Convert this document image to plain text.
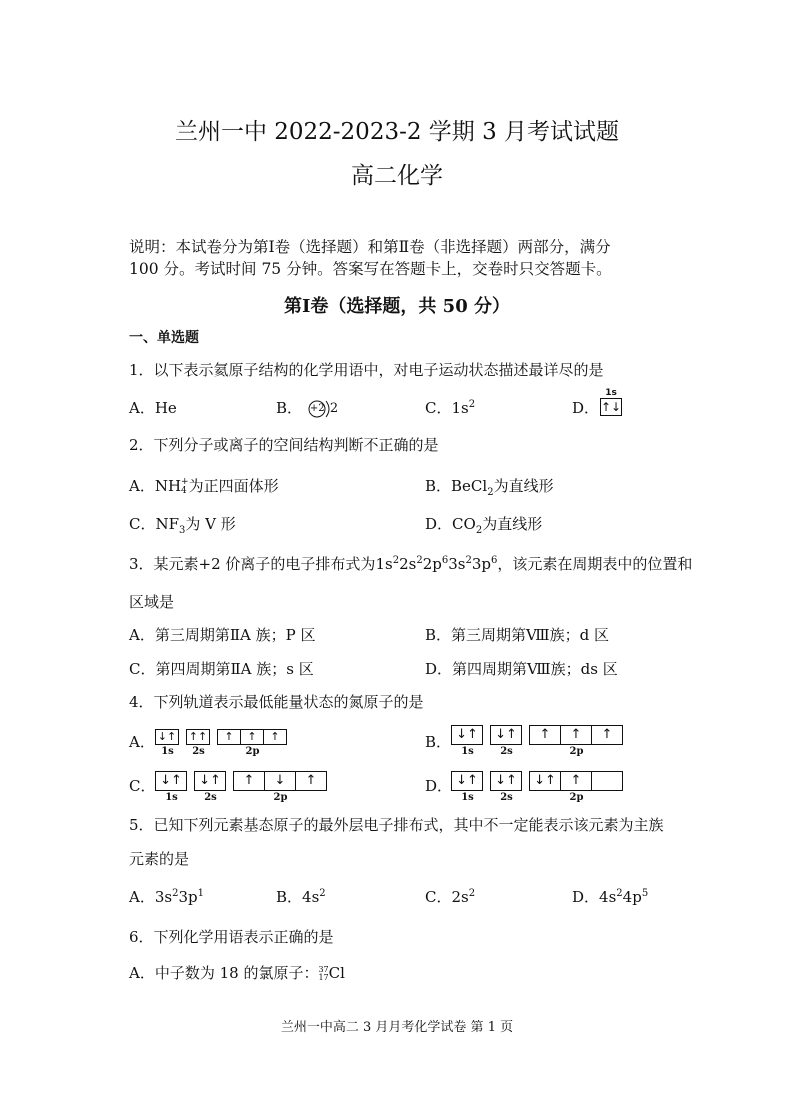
兰州一中 2022-2023-2 学期 3 月考试试题
高二化学
说明：本试卷分为第Ⅰ卷（选择题）和第Ⅱ卷（非选择题）两部分，满分
100 分。考试时间 75 分钟。答案写在答题卡上，交卷时只交答题卡。
第Ⅰ卷（选择题，共 50 分）
一、单选题
1．以下表示氦原子结构的化学用语中，对电子运动状态描述最详尽的是
A．He	B． +2 2	C．$1s^2$	D．
1s
↑↓
2．下列分子或离子的空间结构判断不正确的是
A．NH +
4 为正四面体形	B．BeCl$_2$为直线形
C．$NF_3$为 V 形	D．$CO_2$为直线形
3．某元素+2 价离子的电子排布式为$1s^22s^22p^63s^23p^6$，该元素在周期表中的位置和
区域是
A．第三周期第ⅡA 族；P 区	B．第三周期第Ⅷ族；d 区
C．第四周期第ⅡA 族；s 区	D．第四周期第Ⅷ族；ds 区
4．下列轨道表示最低能量状态的氮原子的是
A． ↓↑
1s
↑↑
2s
↑	↑	↑
2p
B． ↓↑
1s
↓↑
2s
↑	↑	↑
2p
C． ↓↑
1s
↓↑
2s
↑	↓	↑
2p
D． ↓↑
1s
↓↑
2s
↓↑	↑
2p
5．已知下列元素基态原子的最外层电子排布式，其中不一定能表示该元素为主族
元素的是
A．$3s^23p^1$	B．$4s^2$	C．$2s^2$	D．$4s^24p^5$
6．下列化学用语表示正确的是
A．中子数为 18 的氯原子： 37
17 Cl
兰州一中高二 3 月月考化学试卷 第 1 页
